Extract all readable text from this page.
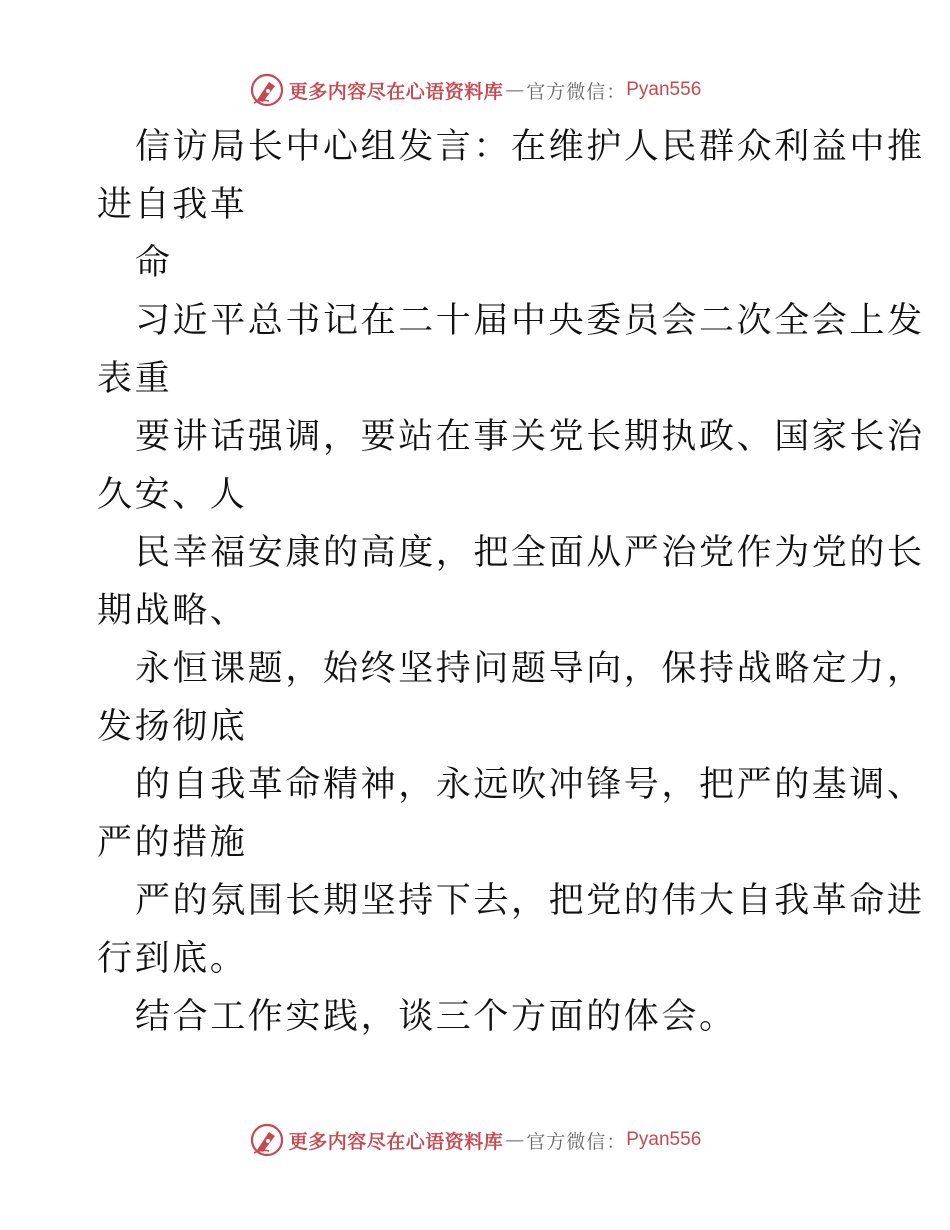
更多内容尽在心语资料库 — 官方微信： Pyan556
信访局长中心组发言：在维护人民群众利益中推
进自我革
命
习近平总书记在二十届中央委员会二次全会上发
表重
要讲话强调，要站在事关党长期执政、国家长治
久安、人
民幸福安康的高度，把全面从严治党作为党的长
期战略、
永恒课题，始终坚持问题导向，保持战略定力，
发扬彻底
的自我革命精神，永远吹冲锋号，把严的基调、
严的措施
严的氛围长期坚持下去，把党的伟大自我革命进
行到底。
结合工作实践，谈三个方面的体会。
更多内容尽在心语资料库 — 官方微信： Pyan556
